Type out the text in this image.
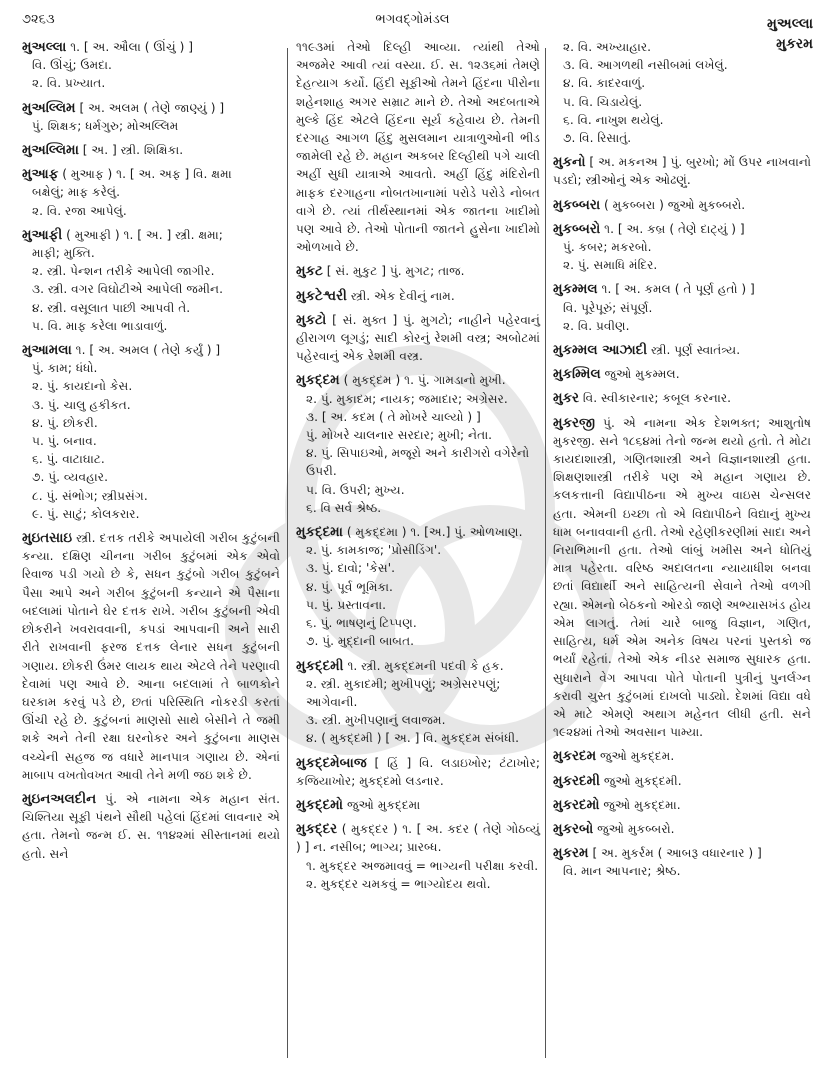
૭૨૬૩	ભગવદ્ગોમંડલ	મુઅલ્લા
મુકરમ

મુઅલ્લા ૧. [ અ. ઔલા ( ઊંચું ) ]

વિ. ઊંચું; ઉમદા.

૨. વિ. પ્રખ્યાત.

મુઅલ્લિમ [ અ. અલમ ( તેણે જાણ્યું ) ]

પું. શિક્ષક; ધર્મગુરુ; મોઅલ્લિમ

મુઅલ્લિમા [ અ. ] સ્ત્રી. શિક્ષિકા.

મુઆફ ( મુઆફ ) ૧. [ અ. અફ ] વિ. ક્ષમા

બક્ષેલું; માફ કરેલું.

૨. વિ. રજા આપેલું.

મુઆફી ( મુઆફી ) ૧. [ અ. ] સ્ત્રી. ક્ષમા;

માફી; મુક્તિ.

૨. સ્ત્રી. પેન્શન તરીકે આપેલી જાગીર.

૩. સ્ત્રી. વગર વિઘોટીએ આપેલી જમીન.

૪. સ્ત્રી. વસૂલાત પાછી આપવી તે.

૫. વિ. માફ કરેલા ભાડાવાળું.

મુઆમલા ૧. [ અ. અમલ ( તેણે કર્યું ) ]

પું. કામ; ધંધો.

૨. પું. કાયદાનો કેસ.

૩. પું. ચાલુ હકીકત.

૪. પું. છોકરી.

૫. પું. બનાવ.

૬. પું. વાટાઘાટ.

૭. પું. વ્યવહાર.

૮. પું. સંભોગ; સ્ત્રીપ્રસંગ.

૯. પું. સાટું; કોલકરાર.

મુઇતસાઇ સ્ત્રી. દત્તક તરીકે અપાયેલી ગરીબ કુટુંબની કન્યા. દક્ષિણ ચીનના ગરીબ કુટુંબમાં એક એવો રિવાજ પડી ગયો છે કે, સધન કુટુંબો ગરીબ કુટુંબને પૈસા આપે અને ગરીબ કુટુંબની કન્યાને એ પૈસાના બદલામાં પોતાને ઘેર દત્તક રાખે. ગરીબ કુટુંબની એવી છોકરીને ખવરાવવાની, કપડાં આપવાની અને સારી રીતે રાખવાની ફરજ દત્તક લેનાર સધન કુટુંબની ગણાય. છોકરી ઉંમર લાયક થાય એટલે તેને પરણાવી દેવામાં પણ આવે છે. આના બદલામાં તે બાળકોને ઘરકામ કરવું પડે છે, છતાં પરિસ્થિતિ નોકરડી કરતાં ઊંચી રહે છે. કુટુંબનાં માણસો સાથે બેસીને તે જમી શકે અને તેની રક્ષા ઘરનોકર અને કુટુંબના માણસ વચ્ચેની સહજ જ વધારે માનપાત્ર ગણાય છે. એનાં માબાપ વખતોવખત આવી તેને મળી જઇ શકે છે.

મુઇનઅલદીન પું. એ નામના એક મહાન સંત. ચિશ્તિયા સૂફી પંથને સૌથી પહેલાં હિંદમાં લાવનાર એ હતા. તેમનો જન્મ ઈ. સ. ૧૧૪૨માં સીસ્તાનમાં થયો હતો. સને

૧૧૯૩માં તેઓ દિલ્હી આવ્યા. ત્યાંથી તેઓ અજમેર આવી ત્યાં વસ્યા. ઈ. સ. ૧૨૩૬માં તેમણે દેહત્યાગ કર્યો. હિંદી સૂફીઓ તેમને હિંદના પીરોના શહેનશાહ અગર સમ્રાટ માને છે. તેઓ અદબતાએ મુલ્કે હિંદ એટલે હિંદના સૂર્ય કહેવાય છે. તેમની દરગાહ આગળ હિંદુ મુસલમાન યાત્રાળુઓની ભીડ જામેલી રહે છે. મહાન અકબર દિલ્હીથી પગે ચાલી અહીં સુધી યાત્રાએ આવતો. અહીં હિંદુ મંદિરોની માફક દરગાહના નોબતખાનામાં પરોડે પરોડે નોબત વાગે છે. ત્યાં તીર્થસ્થાનમાં એક જાતના ખાદીમો પણ આવે છે. તેઓ પોતાની જાતને હુસેના ખાદીમો ઓળખાવે છે.

મુકટ [ સં. મુકુટ ] પું. મુગટ; તાજ.

મુકટેશ્વરી સ્ત્રી. એક દેવીનું નામ.

મુકટો [ સં. મુક્ત ] પું. મુગટો; નાહીને પહેરવાનું હીરાગળ લૂગડું; સાદી કોરનું રેશમી વસ્ત્ર; અબોટમાં પહેરવાનું એક રેશમી વસ્ત્ર.

મુકદ્દમ ( મુકદ્દમ ) ૧. પું. ગામડાનો મુખી.

૨. પું. મુકાદમ; નાયક; જમાદાર; અગ્રેસર.

૩. [ અ. કદમ ( તે મોખરે ચાલ્યો ) ]

પું. મોખરે ચાલનાર સરદાર; મુખી; નેતા.

૪. પું. સિપાઇઓ, મજૂરો અને કારીગરો વગેરેનો ઉપરી.

૫. વિ. ઉપરી; મુખ્ય.

૬. વિ સર્વ શ્રેષ્ઠ.

મુકદ્દમા ( મુકદ્દમા ) ૧. [અ.] પું. ઓળખાણ.

૨. પું. કામકાજ; 'પ્રોસીડિંગ'.

૩. પું. દાવો; 'કેસ'.

૪. પું. પૂર્વ ભૂમિકા.

૫. પું. પ્રસ્તાવના.

૬. પું. ભાષણનું ટિપ્પણ.

૭. પું. મુદ્દાની બાબત.

મુકદ્દમી ૧. સ્ત્રી. મુકદ્દમની પદવી કે હક.

૨. સ્ત્રી. મુકાદમી; મુખીપણું; અગ્રેસરપણું; આગેવાની.

૩. સ્ત્રી. મુખીપણાનું લવાજમ.

૪. ( મુકદ્દમી ) [ અ. ] વિ. મુકદ્દમ સંબંધી.

મુકદ્દમેબાજ [ હિં ] વિ. લડાઇખોર; ટંટાખોર; કજિયાખોર; મુકદ્દમો લડનાર.

મુકદ્દમો જુઓ મુકદ્દમા

મુકદ્દર ( મુકદ્દર ) ૧. [ અ. કદર ( તેણે ગોઠવ્યું ) ] ન. નસીબ; ભાગ્ય; પ્રારબ્ધ.

૧. મુકદ્દર અજમાવવું = ભાગ્યની પરીક્ષા કરવી.

૨. મુકદ્દર ચમકવું = ભાગ્યોદય થવો.

૨. વિ. અખ્યાહાર.

૩. વિ. આગળથી નસીબમાં લખેલું.

૪. વિ. કાદરવાળું.

૫. વિ. ચિડાયેલું.

૬. વિ. નાખુશ થયેલું.

૭. વિ. રિસાતું.

મુકનો [ અ. મકનઅ ] પું. બુરખો; મોં ઉપર નાખવાનો પડદો; સ્ત્રીઓનું એક ઓઢણું.

મુકબ્બરા ( મુકબ્બરા ) જુઓ મુકબ્બરો.

મુકબ્બરો ૧. [ અ. કબ્ર ( તેણે દાટ્યું ) ]

પું. કબર; મકરબો.

૨. પું. સમાધિ મંદિર.

મુકમ્મલ ૧. [ અ. કમલ ( તે પૂર્ણ હતો ) ]

વિ. પૂરેપૂરું; સંપૂર્ણ.

૨. વિ. પ્રવીણ.

મુકમ્મલ આઝાદી સ્ત્રી. પૂર્ણ સ્વાતંત્ર્ય.

મુકમ્મિલ જુઓ મુકમ્મલ.

મુકર વિ. સ્વીકારનાર; કબૂલ કરનાર.

મુકરજી પું. એ નામના એક દેશભક્ત; આશુતોષ મુકરજી. સને ૧૮૬૪માં તેનો જન્મ થયો હતો. તે મોટા કાયદાશાસ્ત્રી, ગણિતશાસ્ત્રી અને વિજ્ઞાનશાસ્ત્રી હતા. શિક્ષણશાસ્ત્રી તરીકે પણ એ મહાન ગણાય છે. કલકત્તાની વિદ્યાપીઠના એ મુખ્ય વાઇસ ચેન્સલર હતા. એમની ઇચ્છા તો એ વિદ્યાપીઠને વિદ્યાનું મુખ્ય ધામ બનાવવાની હતી. તેઓ રહેણીકરણીમાં સાદા અને નિરાભિમાની હતા. તેઓ લાંબું ખમીસ અને ધોતિયું માત્ર પહેરતા. વરિષ્ઠ અદાલતના ન્યાયાધીશ બનવા છતાં વિદ્યાર્થી અને સાહિત્યની સેવાને તેઓ વળગી રહ્યા. એમનો બેઠકનો ઓરડો જાણે અભ્યાસખંડ હોય એમ લાગતું. તેમાં ચારે બાજુ વિજ્ઞાન, ગણિત, સાહિત્ય, ધર્મ એમ અનેક વિષય પરનાં પુસ્તકો જ ભર્યાં રહેતાં. તેઓ એક નીડર સમાજ સુધારક હતા. સુધારાને વેગ આપવા પોતે પોતાની પુત્રીનું પુનર્લગ્ન કરાવી ચુસ્ત કુટુંબમાં દાખલો પાડ્યો. દેશમાં વિદ્યા વધે એ માટે એમણે અથાગ મહેનત લીધી હતી. સને ૧૯૨૪માં તેઓ અવસાન પામ્યા.

મુકરદમ જુઓ મુકદ્દમ.

મુકરદમી જુઓ મુકદ્દમી.

મુકરદમો જુઓ મુકદ્દમા.

મુકરબો જુઓ મુકબ્બરો.

મુકરમ [ અ. મુકર્રમ ( આબરૂ વધારનાર ) ]

વિ. માન આપનાર; શ્રેષ્ઠ.
